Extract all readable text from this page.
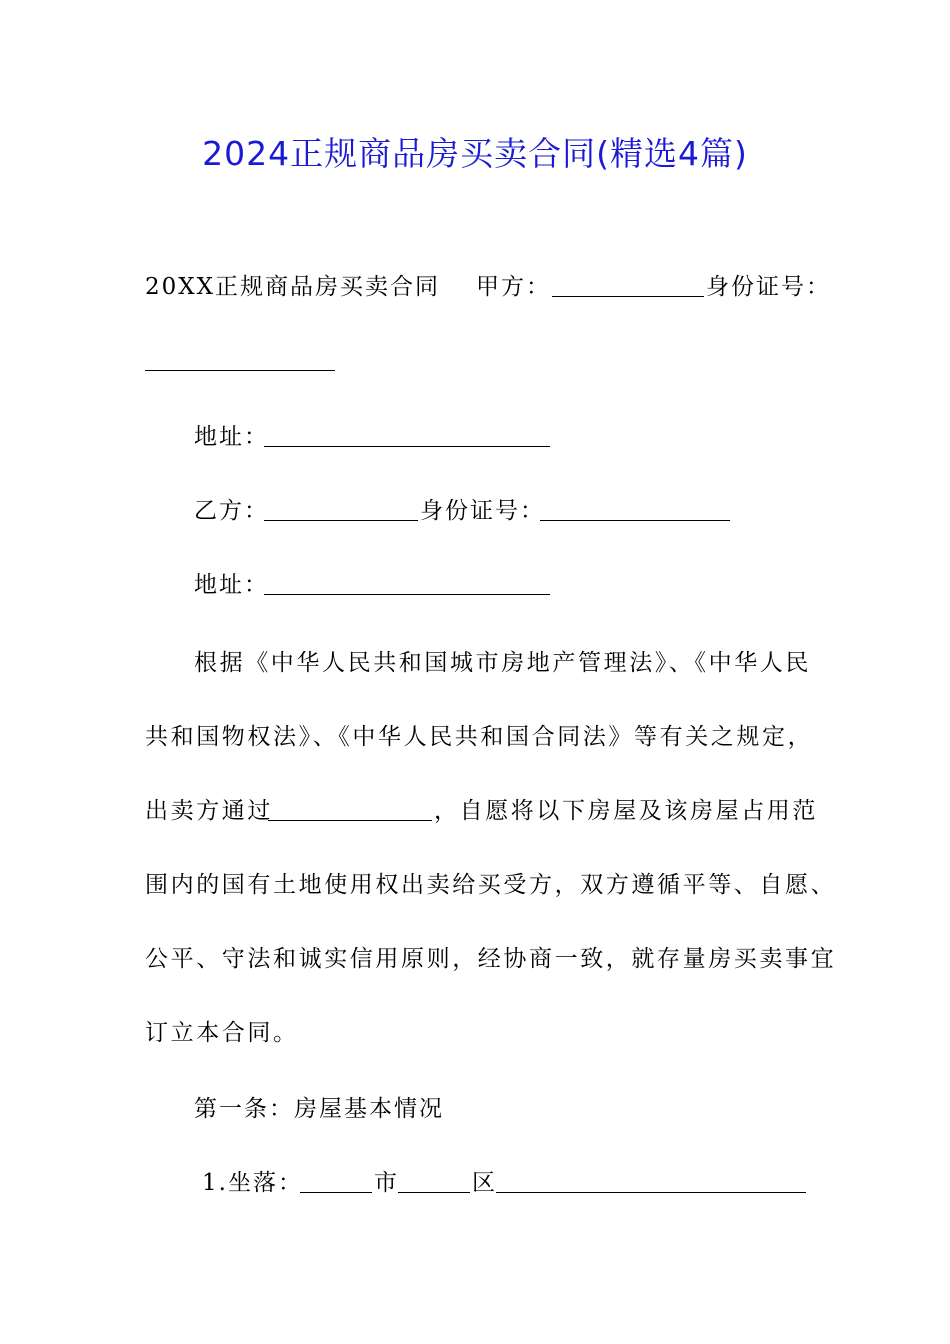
2024正规商品房买卖合同(精选4篇)
20XX正规商品房买卖合同 甲方：	身份证号：
地址：
乙方：	身份证号：
地址：
根据《中华人民共和国城市房地产管理法》、《中华人民
共和国物权法》、《中华人民共和国合同法》等有关之规定，
出卖方通过	，自愿将以下房屋及该房屋占用范
围内的国有土地使用权出卖给买受方，双方遵循平等、自愿、
公平、守法和诚实信用原则，经协商一致，就存量房买卖事宜
订立本合同。
第一条：房屋基本情况
1.坐落：	市	区
